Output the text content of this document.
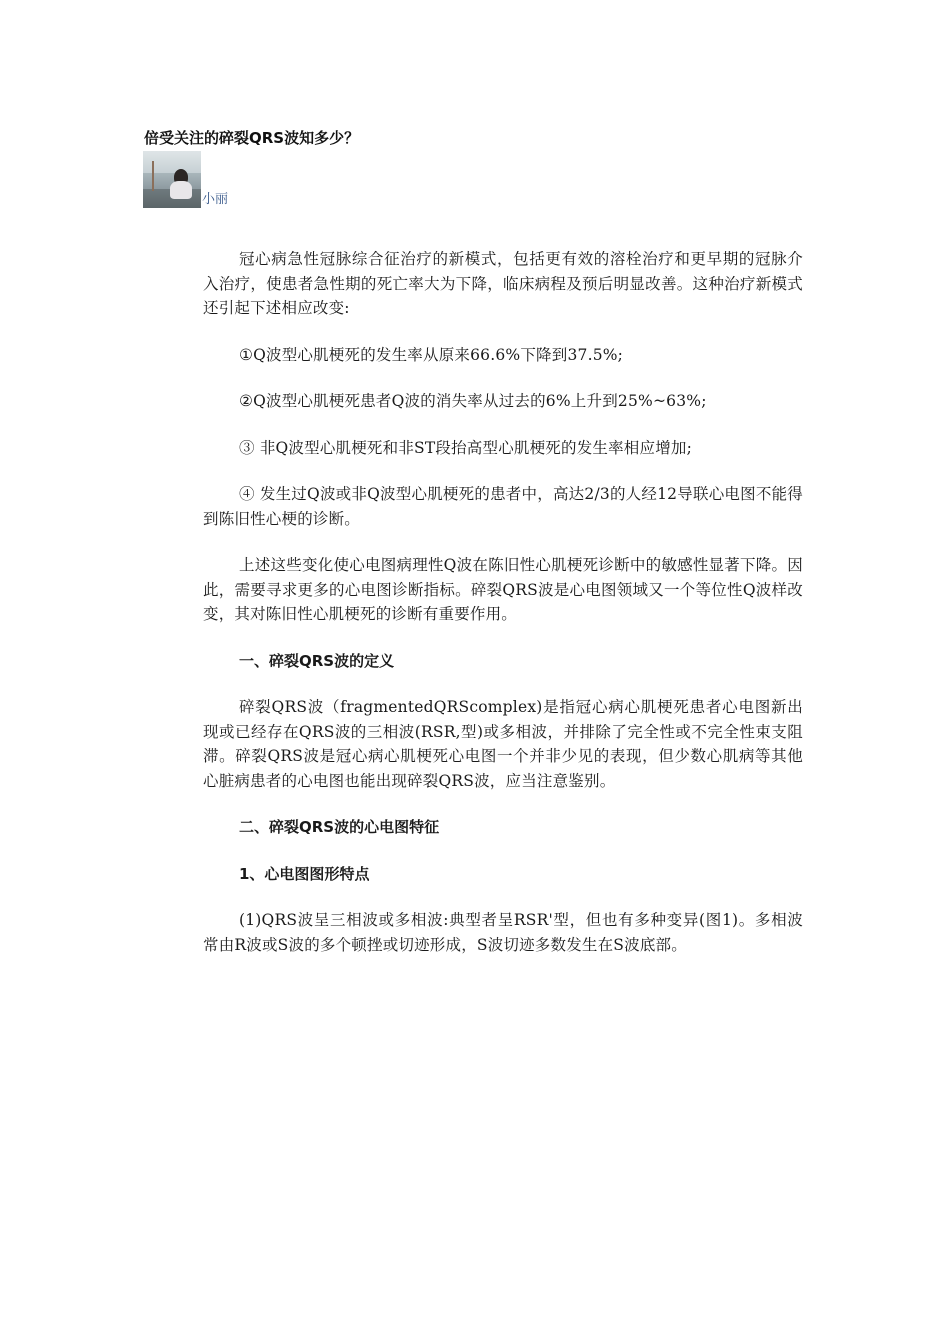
倍受关注的碎裂QRS波知多少？
小丽

冠心病急性冠脉综合征治疗的新模式，包括更有效的溶栓治疗和更早期的冠脉介入治疗，使患者急性期的死亡率大为下降，临床病程及预后明显改善。这种治疗新模式还引起下述相应改变:

①Q波型心肌梗死的发生率从原来66.6%下降到37.5%;

②Q波型心肌梗死患者Q波的消失率从过去的6%上升到25%~63%;

③ 非Q波型心肌梗死和非ST段抬高型心肌梗死的发生率相应增加;

④ 发生过Q波或非Q波型心肌梗死的患者中，高达2/3的人经12导联心电图不能得到陈旧性心梗的诊断。

上述这些变化使心电图病理性Q波在陈旧性心肌梗死诊断中的敏感性显著下降。因此，需要寻求更多的心电图诊断指标。碎裂QRS波是心电图领域又一个等位性Q波样改变，其对陈旧性心肌梗死的诊断有重要作用。

一、碎裂QRS波的定义

碎裂QRS波（fragmentedQRScomplex)是指冠心病心肌梗死患者心电图新出现或已经存在QRS波的三相波(RSR,型)或多相波，并排除了完全性或不完全性束支阻滞。碎裂QRS波是冠心病心肌梗死心电图一个并非少见的表现，但少数心肌病等其他心脏病患者的心电图也能出现碎裂QRS波，应当注意鉴别。

二、碎裂QRS波的心电图特征

1、心电图图形特点

(1)QRS波呈三相波或多相波:典型者呈RSR'型，但也有多种变异(图1)。多相波常由R波或S波的多个顿挫或切迹形成，S波切迹多数发生在S波底部。
